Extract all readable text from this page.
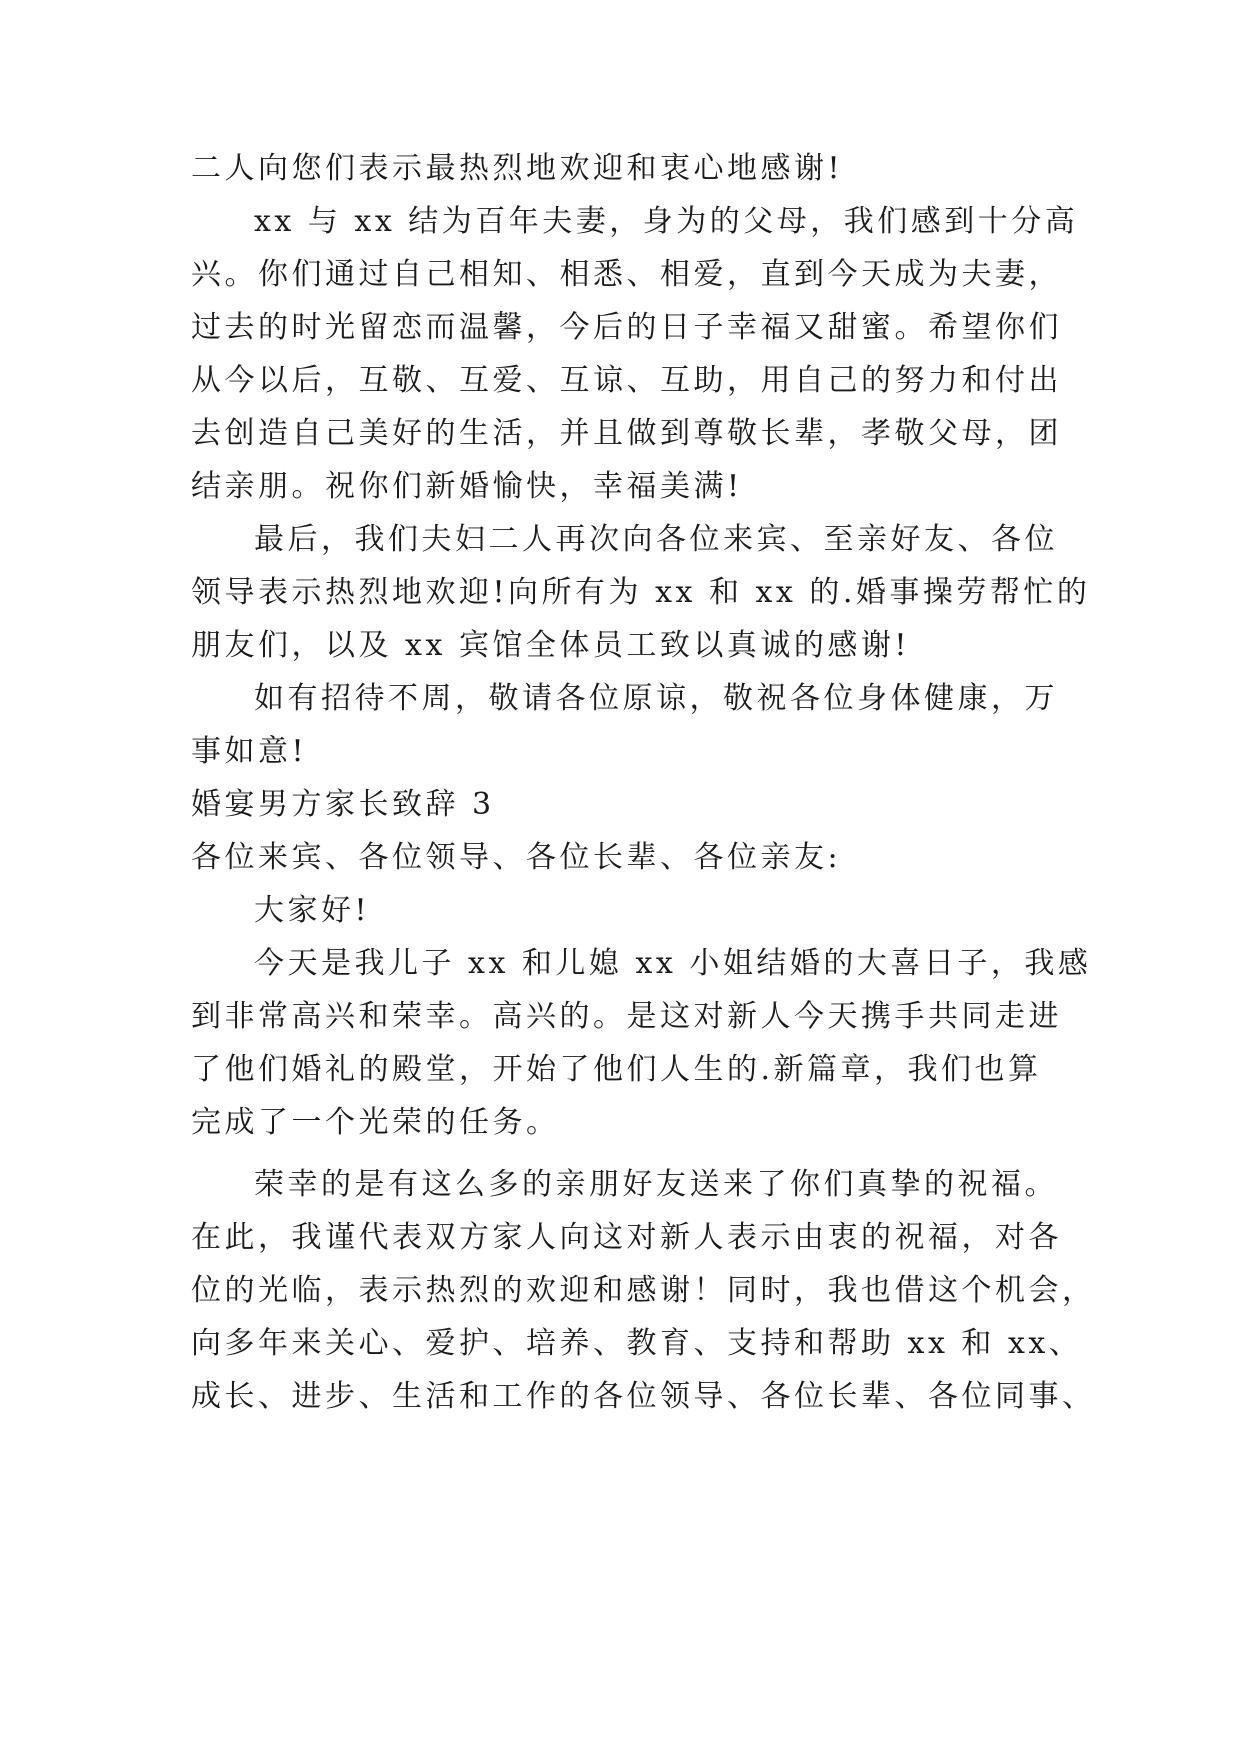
二人向您们表示最热烈地欢迎和衷心地感谢!
xx 与 xx 结为百年夫妻，身为的父母，我们感到十分高
兴。你们通过自己相知、相悉、相爱，直到今天成为夫妻，
过去的时光留恋而温馨，今后的日子幸福又甜蜜。希望你们
从今以后，互敬、互爱、互谅、互助，用自己的努力和付出
去创造自己美好的生活，并且做到尊敬长辈，孝敬父母，团
结亲朋。祝你们新婚愉快，幸福美满!
最后，我们夫妇二人再次向各位来宾、至亲好友、各位
领导表示热烈地欢迎!向所有为 xx 和 xx 的.婚事操劳帮忙的
朋友们，以及 xx 宾馆全体员工致以真诚的感谢!
如有招待不周，敬请各位原谅，敬祝各位身体健康，万
事如意!
婚宴男方家长致辞 3
各位来宾、各位领导、各位长辈、各位亲友:
大家好!
今天是我儿子 xx 和儿媳 xx 小姐结婚的大喜日子，我感
到非常高兴和荣幸。高兴的。是这对新人今天携手共同走进
了他们婚礼的殿堂，开始了他们人生的.新篇章，我们也算
完成了一个光荣的任务。
荣幸的是有这么多的亲朋好友送来了你们真挚的祝福。
在此，我谨代表双方家人向这对新人表示由衷的祝福，对各
位的光临，表示热烈的欢迎和感谢！同时，我也借这个机会，
向多年来关心、爱护、培养、教育、支持和帮助 xx 和 xx、
成长、进步、生活和工作的各位领导、各位长辈、各位同事、
